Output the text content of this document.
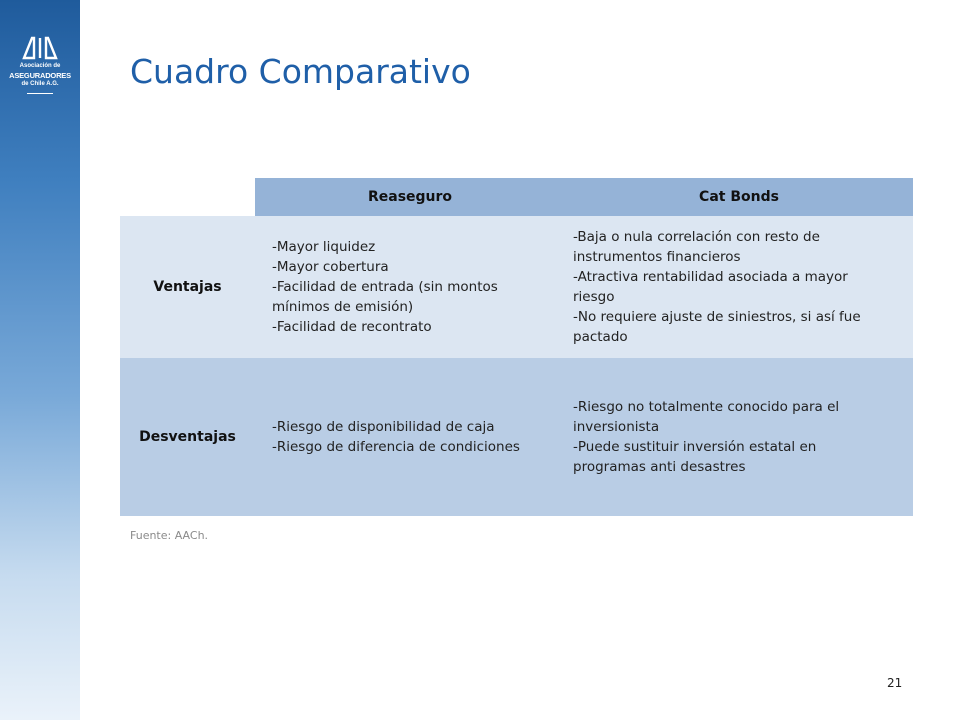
Asociación de
ASEGURADORES
de Chile A.G.	Cuadro Comparativo
Reaseguro	Cat Bonds
Ventajas
-Mayor liquidez
-Mayor cobertura
-Facilidad de entrada (sin montos
mínimos de emisión)
-Facilidad de recontrato
-Baja o nula correlación con resto de
instrumentos financieros
-Atractiva rentabilidad asociada a mayor
riesgo
-No requiere ajuste de siniestros, si así fue
pactado
Desventajas
-Riesgo de disponibilidad de caja
-Riesgo de diferencia de condiciones
-Riesgo no totalmente conocido para el
inversionista
-Puede sustituir inversión estatal en
programas anti desastres
Fuente: AACh.
21
